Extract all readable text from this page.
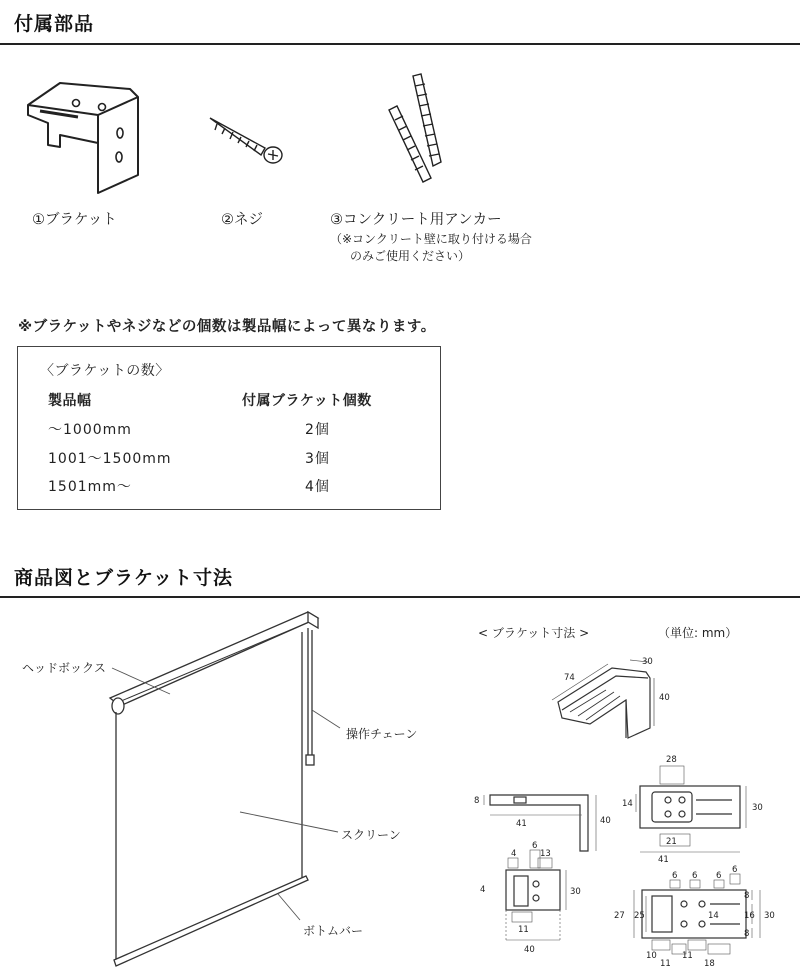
付属部品
①ブラケット	②ネジ	③コンクリート用アンカー
（※コンクリート壁に取り付ける場合
のみご使用ください）
※ブラケットやネジなどの個数は製品幅によって異なります。
〈ブラケットの数〉
製品幅	付属ブラケット個数
〜1000mm	2個
1001〜1500mm	3個
1501mm〜	4個
商品図とブラケット寸法
ヘッドボックス
操作チェーン
スクリーン
ボトムバー
< ブラケット寸法 >	（単位: mm）
74
30
40
8
41	40
28
14	30
21
41
4
6
13
4	30
11
40
6 6 6
6
27 25
8
16 30
14
8
10
11
11
18
